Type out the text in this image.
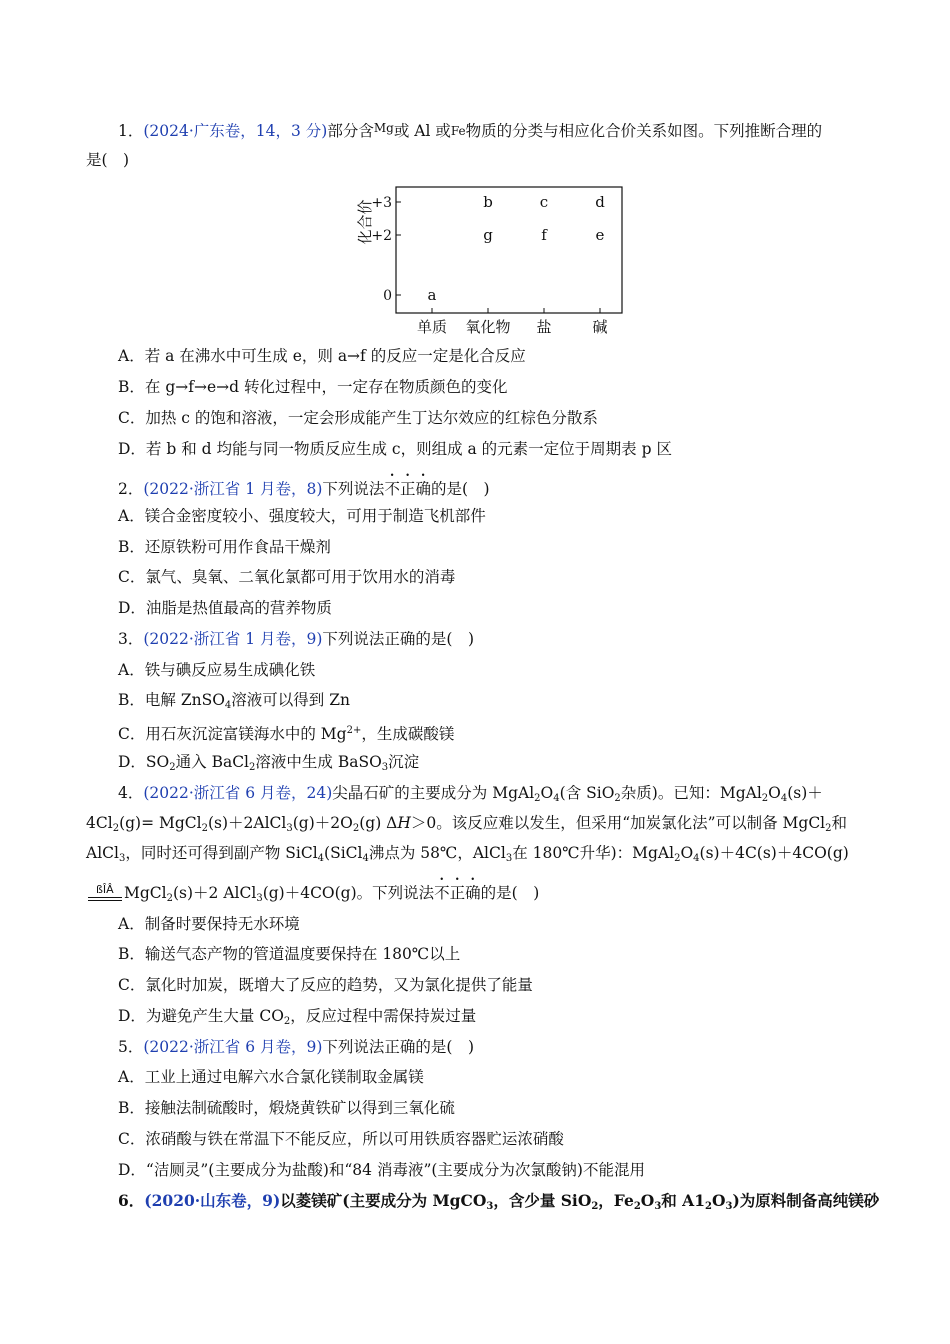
1．(2024·广东卷，14，3 分)部分含$^{Mg}$或 Al 或Fe物质的分类与相应化合价关系如图。下列推断合理的
是(　)
化合价
+3
+2
0
单质 氧化物 盐	碱
a
b
g
c
f
d
e
A．若 a 在沸水中可生成 e，则 a→f 的反应一定是化合反应
B．在 g→f→e→d 转化过程中，一定存在物质颜色的变化
C．加热 c 的饱和溶液，一定会形成能产生丁达尔效应的红棕色分散系
D．若 b 和 d 均能与同一物质反应生成 c，则组成 a 的元素一定位于周期表 p 区
2．(2022·浙江省 1 月卷，8)下列说法不正确的是(　)
A．镁合金密度较小、强度较大，可用于制造飞机部件
B．还原铁粉可用作食品干燥剂
C．氯气、臭氧、二氧化氯都可用于饮用水的消毒
D．油脂是热值最高的营养物质
3．(2022·浙江省 1 月卷，9)下列说法正确的是(　)
A．铁与碘反应易生成碘化铁
B．电解 ZnSO$_4$溶液可以得到 Zn
C．用石灰沉淀富镁海水中的 $Mg^{2+}$，生成碳酸镁
D．$SO_2$通入 BaCl$_2$溶液中生成 BaSO$_3$沉淀
4．(2022·浙江省 6 月卷，24)尖晶石矿的主要成分为 $MgAl_2O_4$(含 SiO$_2$杂质)。已知：$MgAl_2O_4(s)+$
$4Cl_2(g)=$ $MgCl_2(s)+2AlCl_3(g)+2O_2(g)$ ΔH＞0。该反应难以发生，但采用“加炭氯化法”可以制备 MgCl$_2$和
AlCl$_3$，同时还可得到副产物 SiCl$_4$(SiCl$_4$沸点为 58℃，AlCl$_3$在 180℃升华)：$MgAl_2O_4(s)+4C(s)+4CO(g)$
ßÎÂ MgCl$_2$(s)＋2 AlCl$_3$(g)＋4CO(g)。下列说法不正确的是(　)
A．制备时要保持无水环境
B．输送气态产物的管道温度要保持在 180℃以上
C．氯化时加炭，既增大了反应的趋势，又为氯化提供了能量
D．为避免产生大量 $CO_2$，反应过程中需保持炭过量
5．(2022·浙江省 6 月卷，9)下列说法正确的是(　)
A．工业上通过电解六水合氯化镁制取金属镁
B．接触法制硫酸时，煅烧黄铁矿以得到三氧化硫
C．浓硝酸与铁在常温下不能反应，所以可用铁质容器贮运浓硝酸
D．“洁厕灵”(主要成分为盐酸)和“84 消毒液”(主要成分为次氯酸钠)不能混用
6．(2020·山东卷，9)以菱镁矿(主要成分为 MgCO$_3$，含少量 SiO$_2$，$Fe_2O_3$和 $A1_2O_3$)为原料制备高纯镁砂
